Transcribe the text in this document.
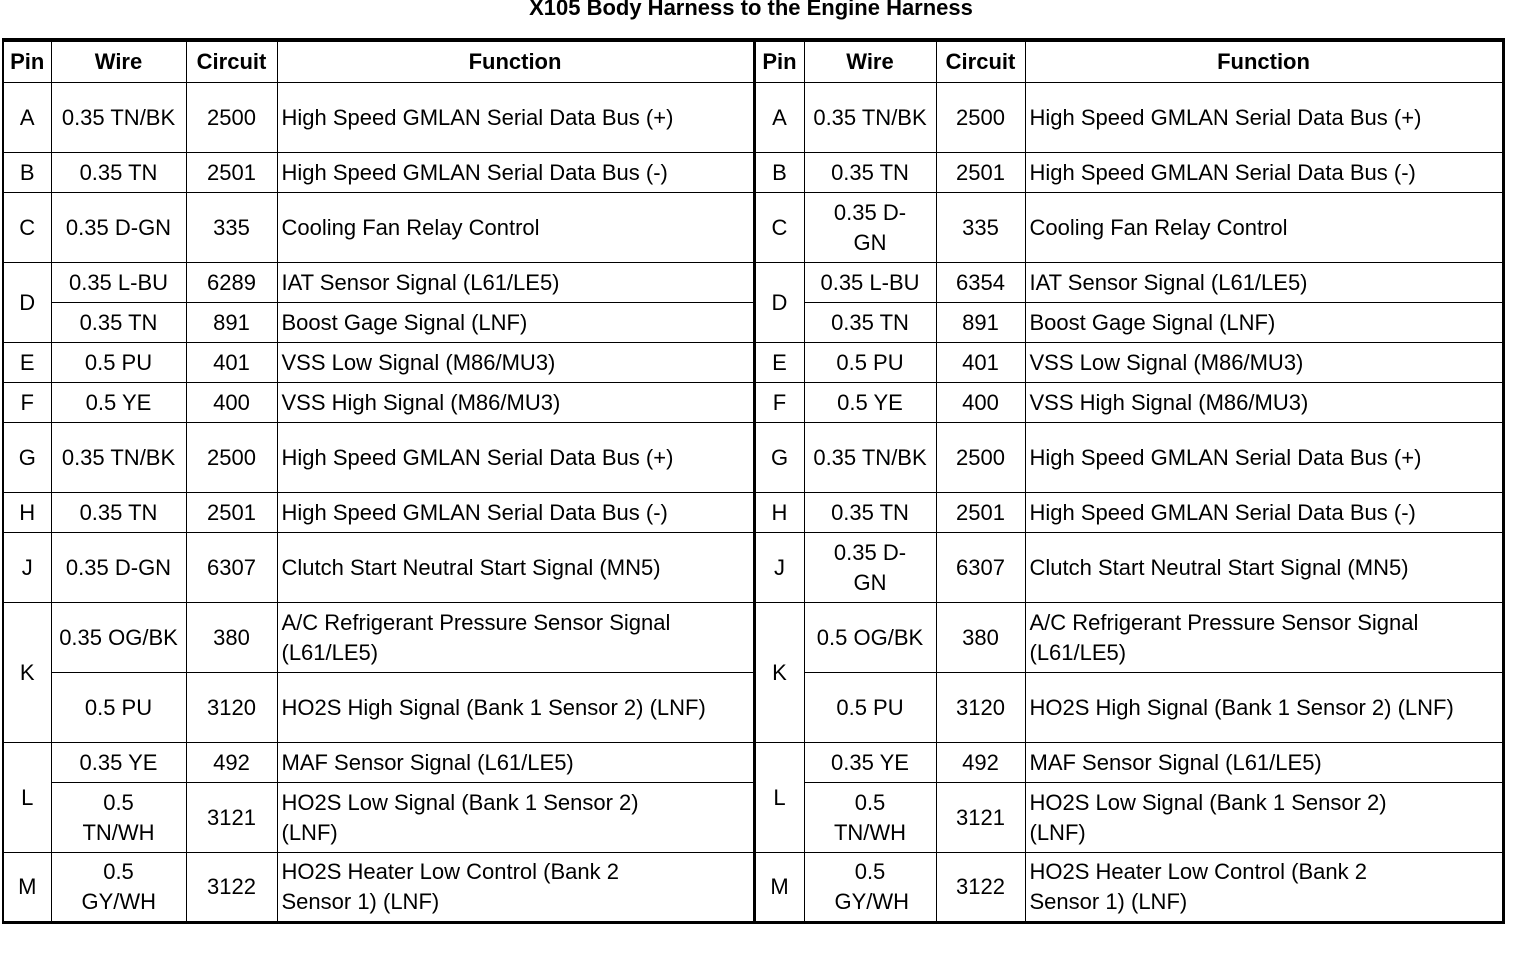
X105 Body Harness to the Engine Harness
Pin	Wire	Circuit	Function	Pin	Wire	Circuit	Function
A	0.35 TN/BK	2500	High Speed GMLAN Serial Data Bus (+)	A	0.35 TN/BK	2500	High Speed GMLAN Serial Data Bus (+)
B	0.35 TN	2501	High Speed GMLAN Serial Data Bus (-)	B	0.35 TN	2501	High Speed GMLAN Serial Data Bus (-)
C	0.35 D-GN	335	Cooling Fan Relay Control	C	0.35 D-GN	335	Cooling Fan Relay Control
D	0.35 L-BU	6289	IAT Sensor Signal (L61/LE5)	D	0.35 L-BU	6354	IAT Sensor Signal (L61/LE5)
	0.35 TN	891	Boost Gage Signal (LNF)		0.35 TN	891	Boost Gage Signal (LNF)
E	0.5 PU	401	VSS Low Signal (M86/MU3)	E	0.5 PU	401	VSS Low Signal (M86/MU3)
F	0.5 YE	400	VSS High Signal (M86/MU3)	F	0.5 YE	400	VSS High Signal (M86/MU3)
G	0.35 TN/BK	2500	High Speed GMLAN Serial Data Bus (+)	G	0.35 TN/BK	2500	High Speed GMLAN Serial Data Bus (+)
H	0.35 TN	2501	High Speed GMLAN Serial Data Bus (-)	H	0.35 TN	2501	High Speed GMLAN Serial Data Bus (-)
J	0.35 D-GN	6307	Clutch Start Neutral Start Signal (MN5)	J	0.35 D-GN	6307	Clutch Start Neutral Start Signal (MN5)
K	0.35 OG/BK	380	A/C Refrigerant Pressure Sensor Signal (L61/LE5)	K	0.5 OG/BK	380	A/C Refrigerant Pressure Sensor Signal (L61/LE5)
	0.5 PU	3120	HO2S High Signal (Bank 1 Sensor 2) (LNF)		0.5 PU	3120	HO2S High Signal (Bank 1 Sensor 2) (LNF)
L	0.35 YE	492	MAF Sensor Signal (L61/LE5)	L	0.35 YE	492	MAF Sensor Signal (L61/LE5)
	0.5 TN/WH	3121	HO2S Low Signal (Bank 1 Sensor 2) (LNF)		0.5 TN/WH	3121	HO2S Low Signal (Bank 1 Sensor 2) (LNF)
M	0.5 GY/WH	3122	HO2S Heater Low Control (Bank 2 Sensor 1) (LNF)	M	0.5 GY/WH	3122	HO2S Heater Low Control (Bank 2 Sensor 1) (LNF)
